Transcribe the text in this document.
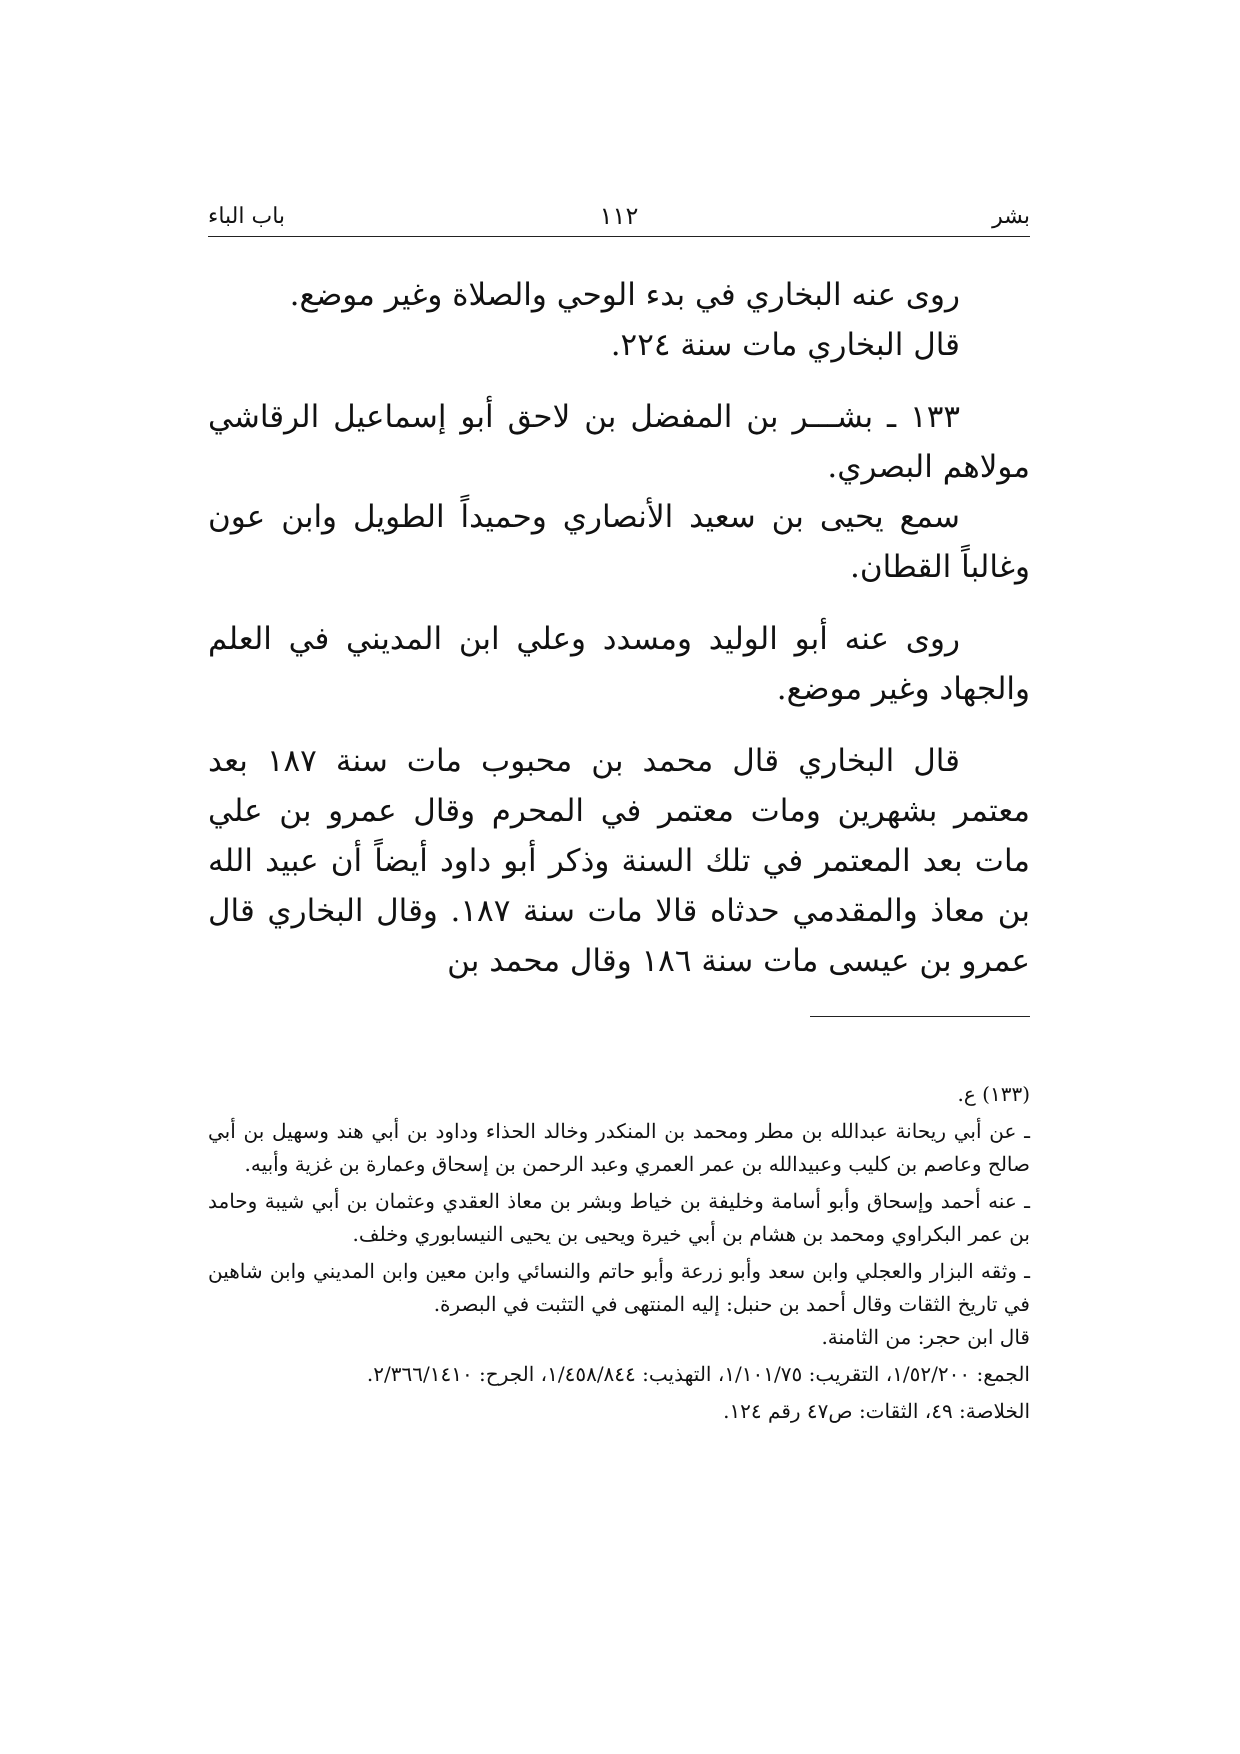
بشر
١١٢
باب الباء

روى عنه البخاري في بدء الوحي والصلاة وغير موضع.

قال البخاري مات سنة ٢٢٤.

١٣٣ ـ بشـــر بن المفضل بن لاحق أبو إسماعيل الرقاشي مولاهم البصري.

سمع يحيى بن سعيد الأنصاري وحميداً الطويل وابن عون وغالباً القطان.

روى عنه أبو الوليد ومسدد وعلي ابن المديني في العلم والجهاد وغير موضع.

قال البخاري قال محمد بن محبوب مات سنة ١٨٧ بعد معتمر بشهرين ومات معتمر في المحرم وقال عمرو بن علي مات بعد المعتمر في تلك السنة وذكر أبو داود أيضاً أن عبيد الله بن معاذ والمقدمي حدثاه قالا مات سنة ١٨٧. وقال البخاري قال عمرو بن عيسى مات سنة ١٨٦ وقال محمد بن

(١٣٣) ع.

ـ عن أبي ريحانة عبدالله بن مطر ومحمد بن المنكدر وخالد الحذاء وداود بن أبي هند وسهيل بن أبي صالح وعاصم بن كليب وعبيدالله بن عمر العمري وعبد الرحمن بن إسحاق وعمارة بن غزية وأبيه.

ـ عنه أحمد وإسحاق وأبو أسامة وخليفة بن خياط وبشر بن معاذ العقدي وعثمان بن أبي شيبة وحامد بن عمر البكراوي ومحمد بن هشام بن أبي خيرة ويحيى بن يحيى النيسابوري وخلف.

ـ وثقه البزار والعجلي وابن سعد وأبو زرعة وأبو حاتم والنسائي وابن معين وابن المديني وابن شاهين في تاريخ الثقات وقال أحمد بن حنبل: إليه المنتهى في التثبت في البصرة.

قال ابن حجر: من الثامنة.

الجمع: ١/٥٢/٢٠٠، التقريب: ١/١٠١/٧٥، التهذيب: ١/٤٥٨/٨٤٤، الجرح: ٢/٣٦٦/١٤١٠.

الخلاصة: ٤٩، الثقات: ص٤٧ رقم ١٢٤.
